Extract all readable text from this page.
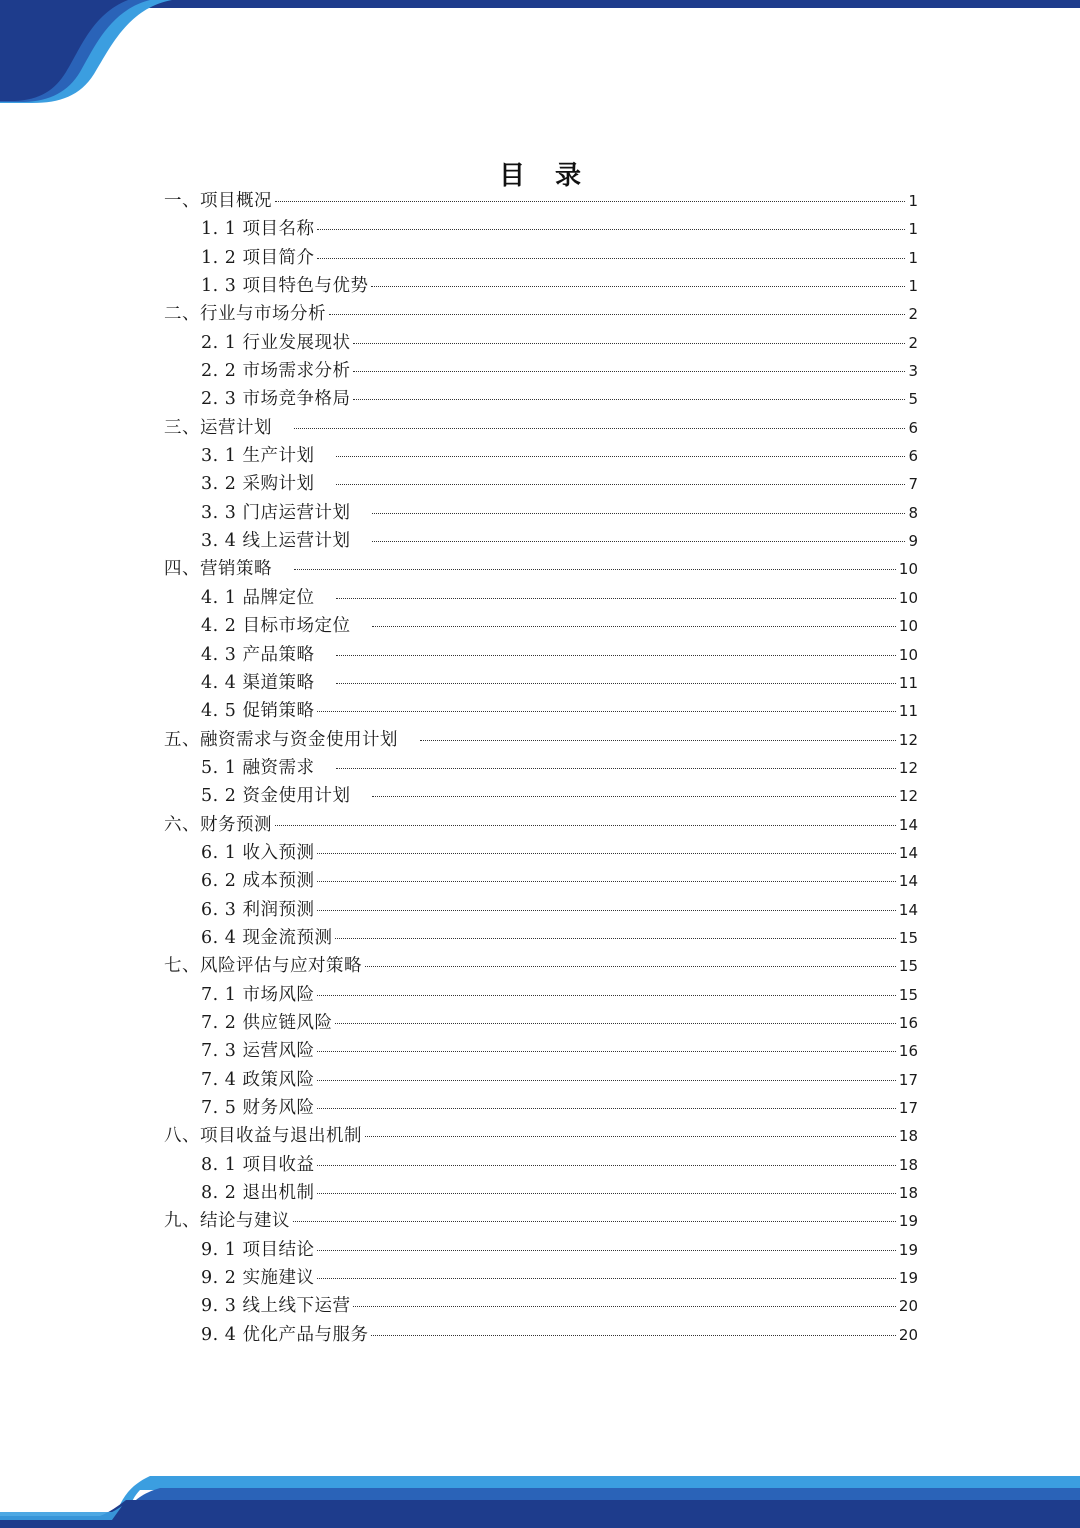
目录
一、项目概况	1
1. 1 项目名称	1
1. 2 项目简介	1
1. 3 项目特色与优势	1
二、行业与市场分析	2
2. 1 行业发展现状	2
2. 2 市场需求分析	3
2. 3 市场竞争格局	5
三、运营计划	6
3. 1 生产计划	6
3. 2 采购计划	7
3. 3 门店运营计划	8
3. 4 线上运营计划	9
四、营销策略	10
4. 1 品牌定位	10
4. 2 目标市场定位	10
4. 3 产品策略	10
4. 4 渠道策略	11
4. 5 促销策略	11
五、融资需求与资金使用计划	12
5. 1 融资需求	12
5. 2 资金使用计划	12
六、财务预测	14
6. 1 收入预测	14
6. 2 成本预测	14
6. 3 利润预测	14
6. 4 现金流预测	15
七、风险评估与应对策略	15
7. 1 市场风险	15
7. 2 供应链风险	16
7. 3 运营风险	16
7. 4 政策风险	17
7. 5 财务风险	17
八、项目收益与退出机制	18
8. 1 项目收益	18
8. 2 退出机制	18
九、结论与建议	19
9. 1 项目结论	19
9. 2 实施建议	19
9. 3 线上线下运营	20
9. 4 优化产品与服务	20
